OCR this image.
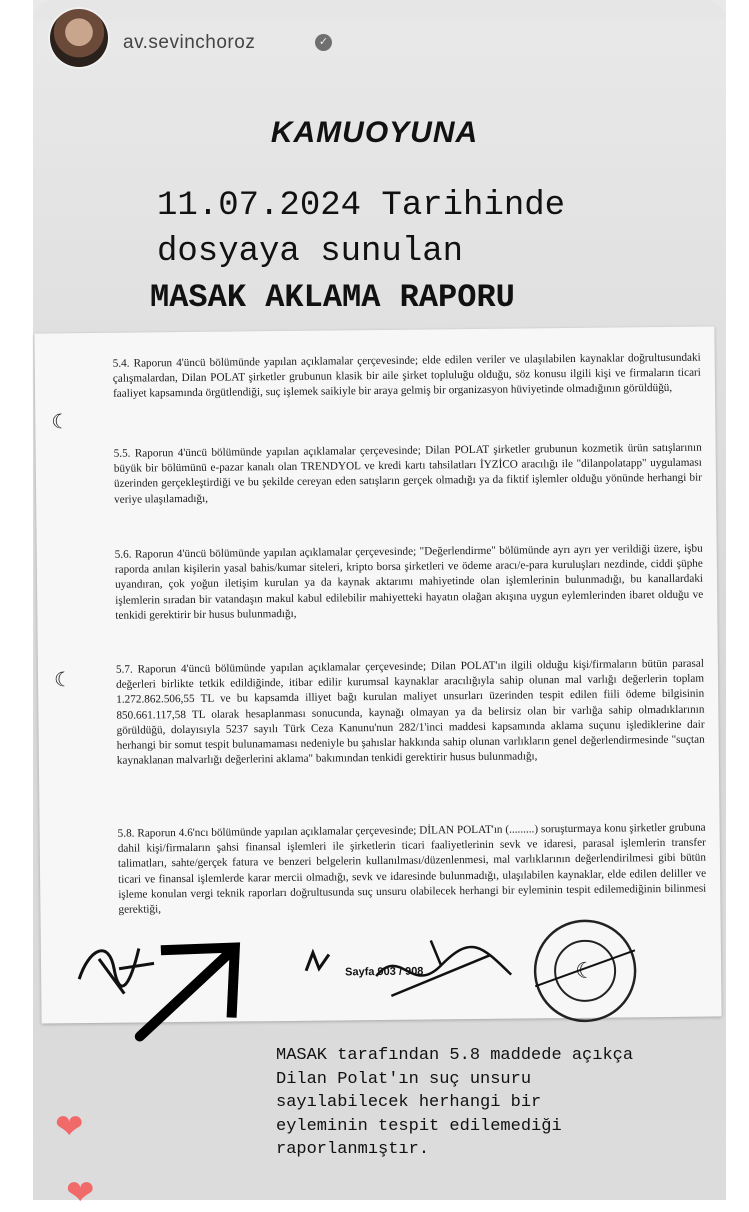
av.sevinchoroz	✓
KAMUOYUNA
11.07.2024 Tarihinde
dosyaya sunulan
MASAK AKLAMA RAPORU

5.4. Raporun 4'üncü bölümünde yapılan açıklamalar çerçevesinde; elde edilen veriler ve ulaşılabilen kaynaklar doğrultusundaki çalışmalardan, Dilan POLAT şirketler grubunun klasik bir aile şirket topluluğu olduğu, söz konusu ilgili kişi ve firmaların ticari faaliyet kapsamında örgütlendiği, suç işlemek saikiyle bir araya gelmiş bir organizasyon hüviyetinde olmadığının görüldüğü,

☾

5.5. Raporun 4'üncü bölümünde yapılan açıklamalar çerçevesinde; Dilan POLAT şirketler grubunun kozmetik ürün satışlarının büyük bir bölümünü e-pazar kanalı olan TRENDYOL ve kredi kartı tahsilatları İYZİCO aracılığı ile "dilanpolatapp" uygulaması üzerinden gerçekleştirdiği ve bu şekilde cereyan eden satışların gerçek olmadığı ya da fiktif işlemler olduğu yönünde herhangi bir veriye ulaşılamadığı,

5.6. Raporun 4'üncü bölümünde yapılan açıklamalar çerçevesinde; "Değerlendirme" bölümünde ayrı ayrı yer verildiği üzere, işbu raporda anılan kişilerin yasal bahis/kumar siteleri, kripto borsa şirketleri ve ödeme aracı/e-para kuruluşları nezdinde, ciddi şüphe uyandıran, çok yoğun iletişim kurulan ya da kaynak aktarımı mahiyetinde olan işlemlerinin bulunmadığı, bu kanallardaki işlemlerin sıradan bir vatandaşın makul kabul edilebilir mahiyetteki hayatın olağan akışına uygun eylemlerinden ibaret olduğu ve tenkidi gerektirir bir husus bulunmadığı,

☾

5.7. Raporun 4'üncü bölümünde yapılan açıklamalar çerçevesinde; Dilan POLAT'ın ilgili olduğu kişi/firmaların bütün parasal değerleri birlikte tetkik edildiğinde, itibar edilir kurumsal kaynaklar aracılığıyla sahip olunan mal varlığı değerlerin toplam 1.272.862.506,55 TL ve bu kapsamda illiyet bağı kurulan maliyet unsurları üzerinden tespit edilen fiili ödeme bilgisinin 850.661.117,58 TL olarak hesaplanması sonucunda, kaynağı olmayan ya da belirsiz olan bir varlığa sahip olmadıklarının görüldüğü, dolayısıyla 5237 sayılı Türk Ceza Kanunu'nun 282/1'inci maddesi kapsamında aklama suçunu işlediklerine dair herhangi bir somut tespit bulunamaması nedeniyle bu şahıslar hakkında sahip olunan varlıkların genel değerlendirmesinde "suçtan kaynaklanan malvarlığı değerlerini aklama" bakımından tenkidi gerektirir husus bulunmadığı,

5.8. Raporun 4.6'ncı bölümünde yapılan açıklamalar çerçevesinde; DİLAN POLAT'ın (.........) soruşturmaya konu şirketler grubuna dahil kişi/firmaların şahsi finansal işlemleri ile şirketlerin ticari faaliyetlerinin sevk ve idaresi, parasal işlemlerin transfer talimatları, sahte/gerçek fatura ve benzeri belgelerin kullanılması/düzenlenmesi, mal varlıklarının değerlendirilmesi gibi bütün ticari ve finansal işlemlerde karar mercii olmadığı, sevk ve idaresinde bulunmadığı, ulaşılabilen kaynaklar, elde edilen deliller ve işleme konulan vergi teknik raporları doğrultusunda suç unsuru olabilecek herhangi bir eyleminin tespit edilemediğinin bilinmesi gerektiği,

Sayfa 903 / 908	☾
MASAK tarafından 5.8 maddede açıkça Dilan Polat'ın suç unsuru sayılabilecek herhangi bir eyleminin tespit edilemediği raporlanmıştır.
❤
❤
